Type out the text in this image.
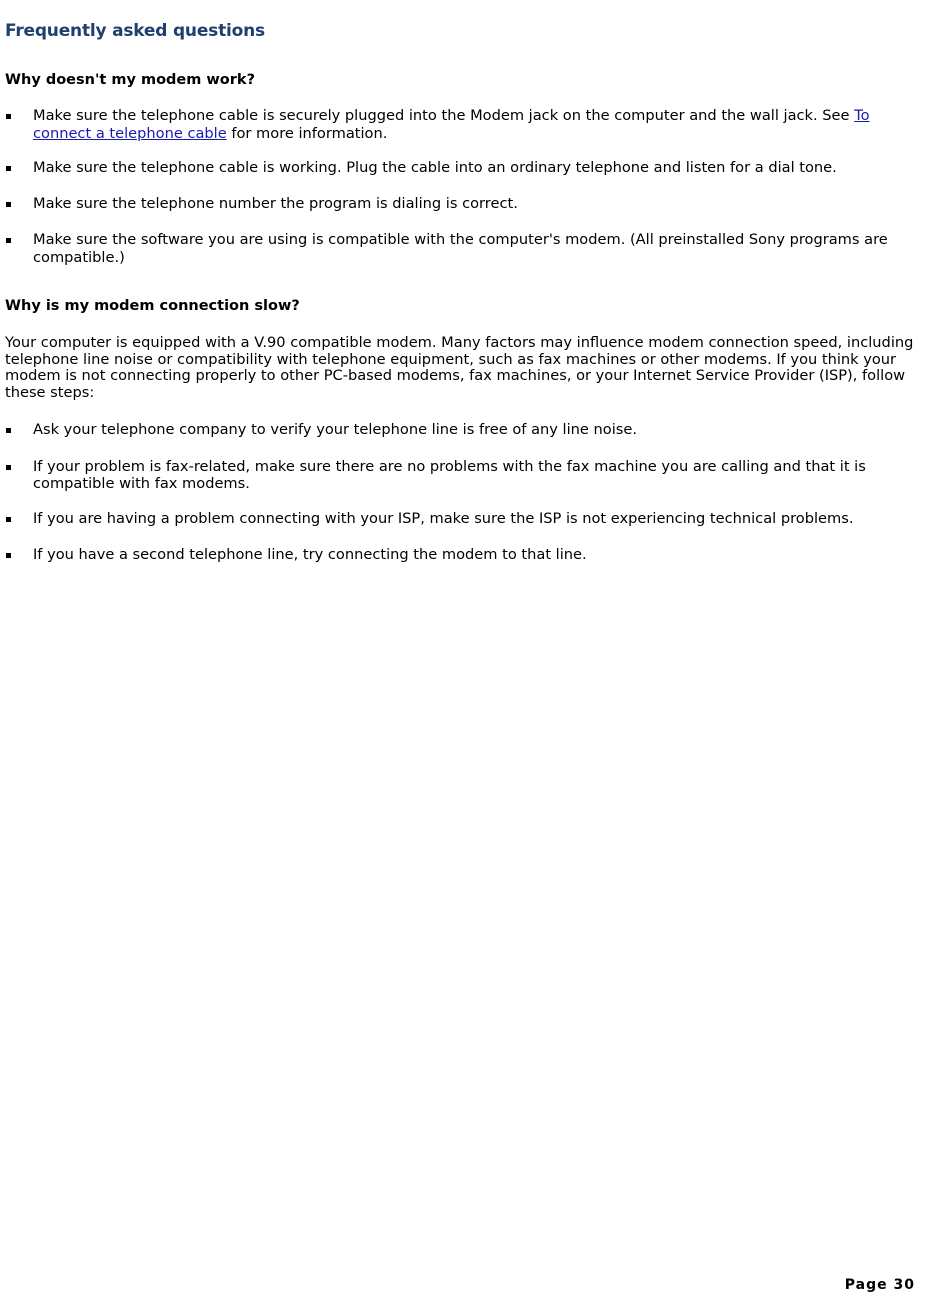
Frequently asked questions
Why doesn't my modem work?
Make sure the telephone cable is securely plugged into the Modem jack on the computer and the wall jack. See To connect a telephone cable for more information.
Make sure the telephone cable is working. Plug the cable into an ordinary telephone and listen for a dial tone.
Make sure the telephone number the program is dialing is correct.
Make sure the software you are using is compatible with the computer's modem. (All preinstalled Sony programs are compatible.)
Why is my modem connection slow?

Your computer is equipped with a V.90 compatible modem. Many factors may influence modem connection speed, including telephone line noise or compatibility with telephone equipment, such as fax machines or other modems. If you think your modem is not connecting properly to other PC-based modems, fax machines, or your Internet Service Provider (ISP), follow these steps:

Ask your telephone company to verify your telephone line is free of any line noise.
If your problem is fax-related, make sure there are no problems with the fax machine you are calling and that it is compatible with fax modems.
If you are having a problem connecting with your ISP, make sure the ISP is not experiencing technical problems.
If you have a second telephone line, try connecting the modem to that line.
Page 30
